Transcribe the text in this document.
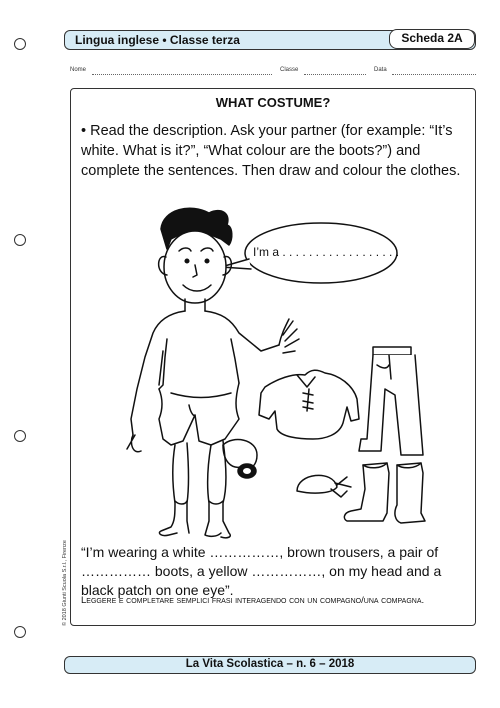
Lingua inglese • Classe terza	Scheda 2A
Nome	Classe	Data
WHAT COSTUME?
• Read the description. Ask your partner (for example: “It’s white. What is it?”, “What colour are the boots?”) and complete the sentences. Then draw and colour the clothes.
I’m a . . . . . . . . . . . . . . . . . .
“I’m wearing a white ……………, brown trousers, a pair of …………… boots, a yellow ……………, on my head and a black patch on one eye”.
Leggere e completare semplici frasi interagendo con un compagno/una compagna.
© 2018 Giunti Scuola S.r.l., Firenze
La Vita Scolastica – n. 6 – 2018
